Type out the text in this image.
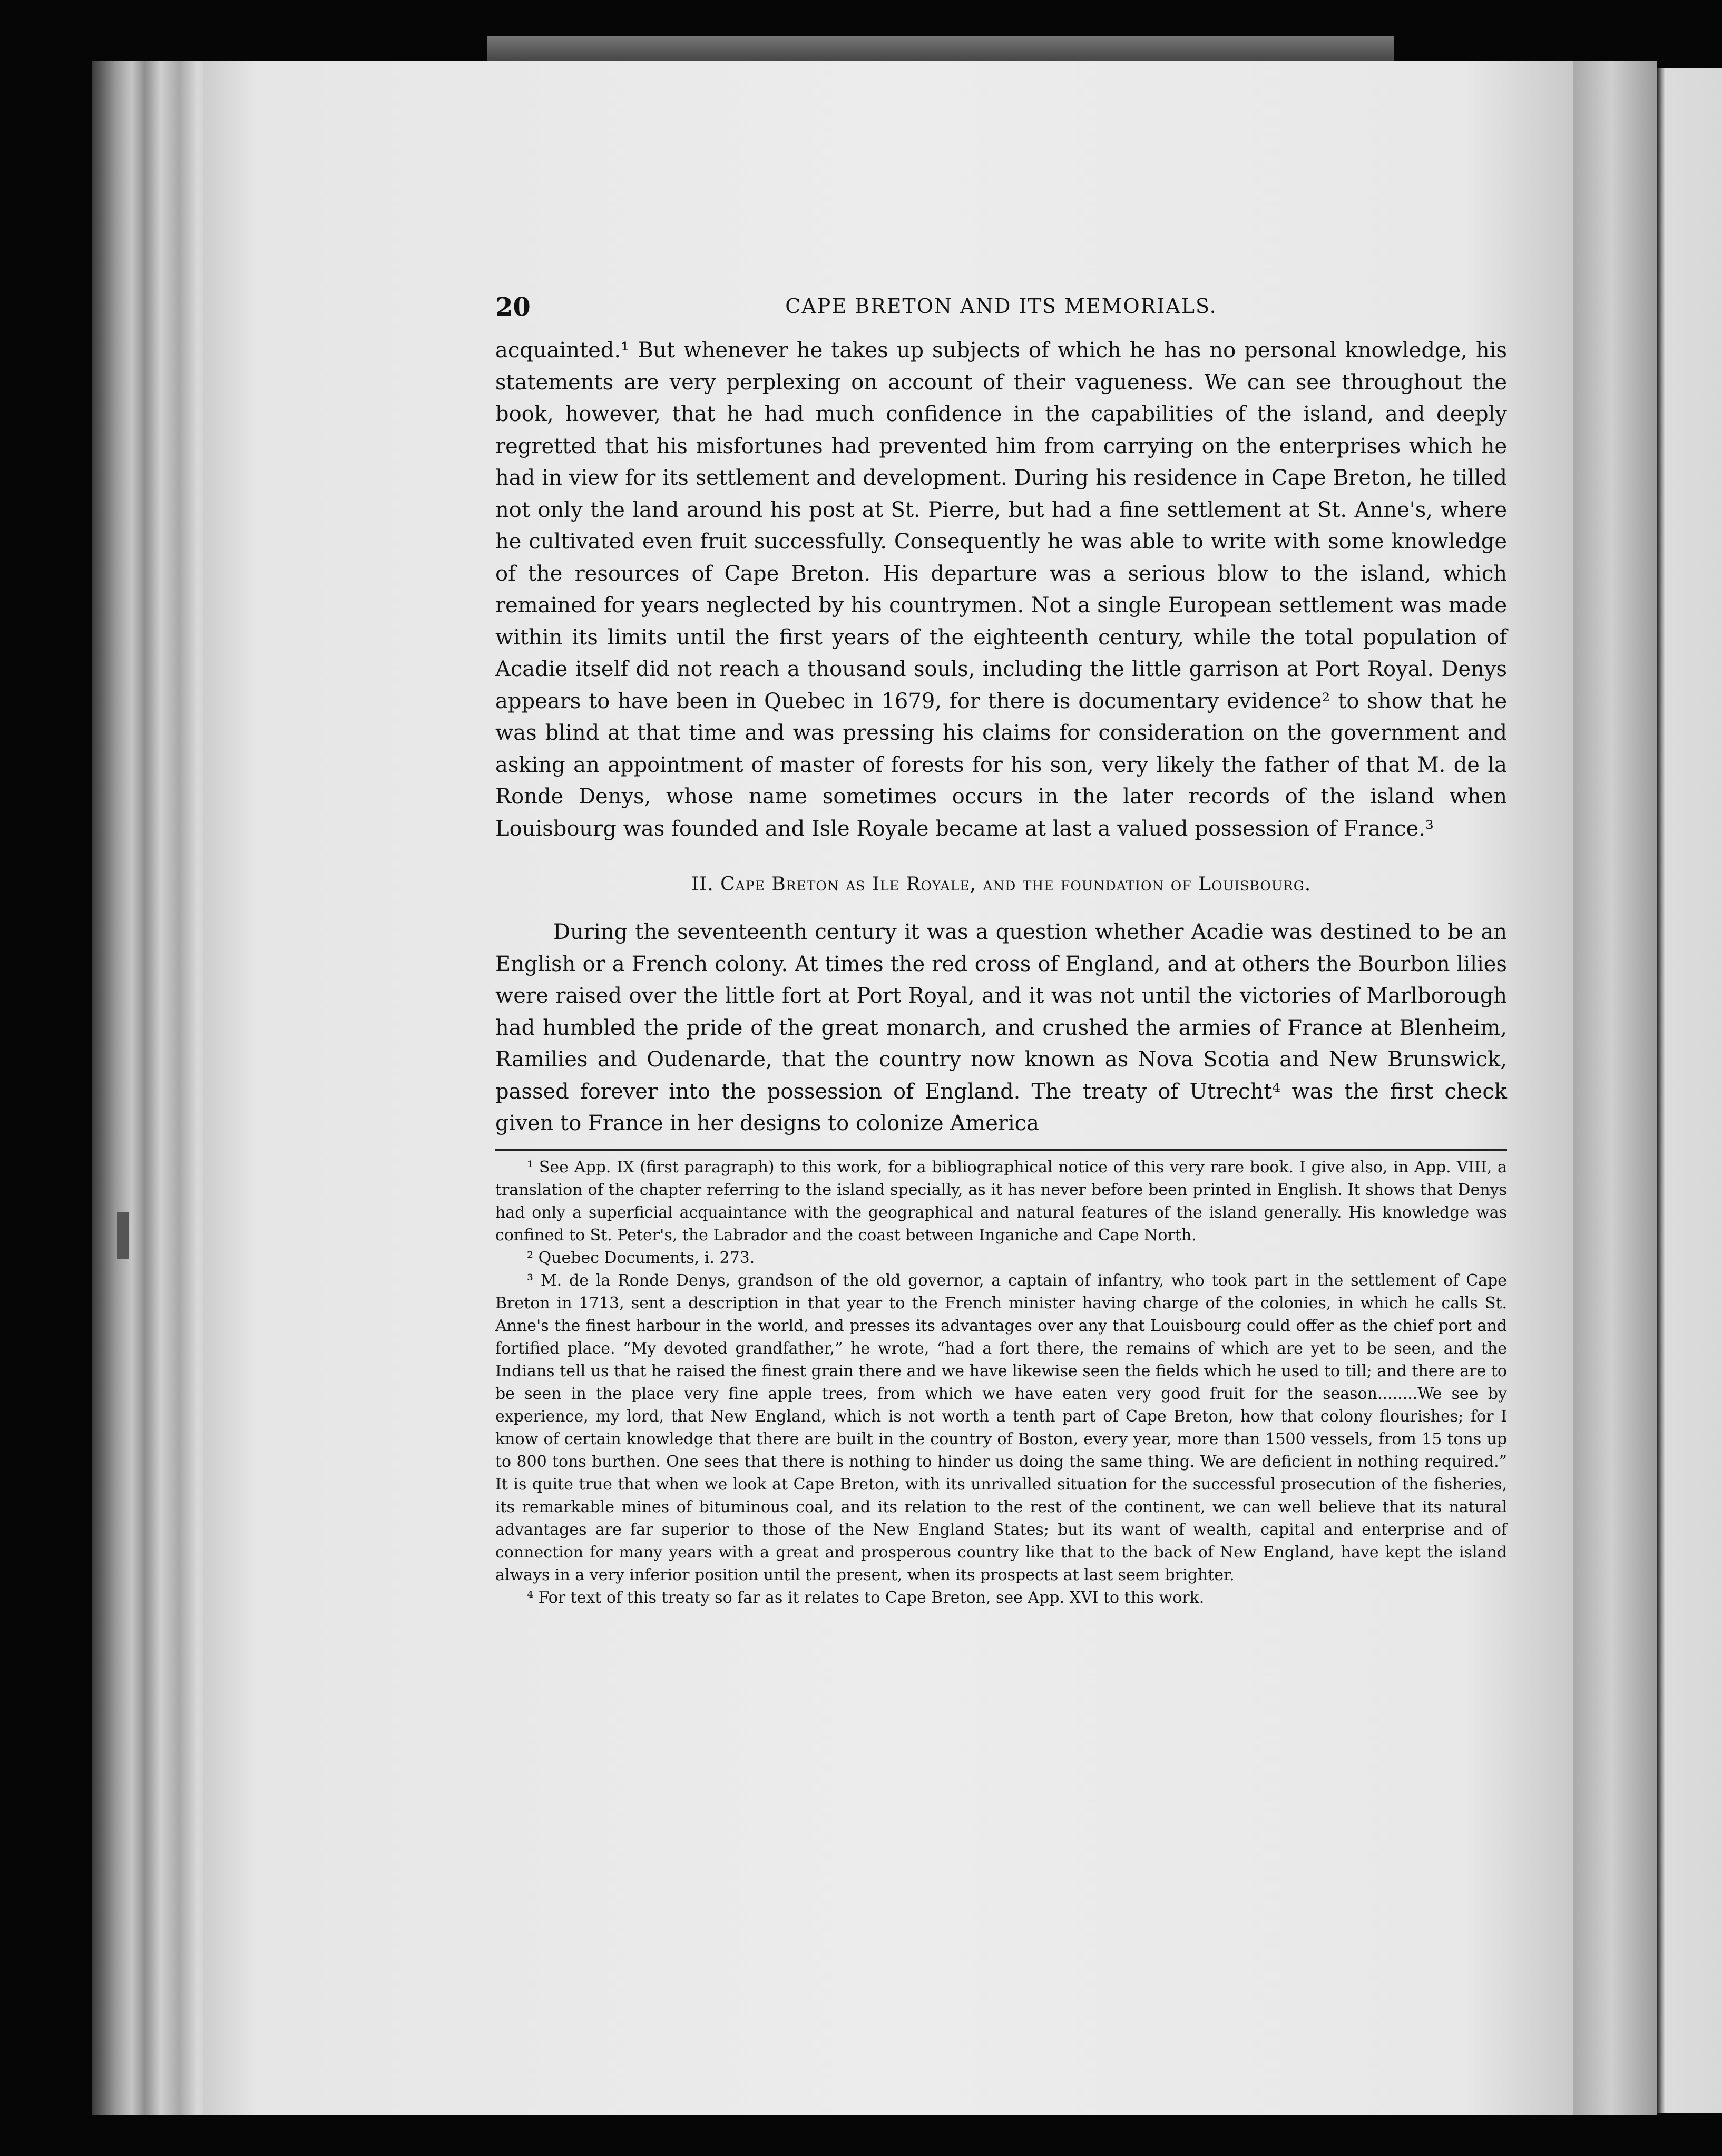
20	CAPE BRETON AND ITS MEMORIALS.

acquainted.¹ But whenever he takes up subjects of which he has no personal knowledge, his statements are very perplexing on account of their vagueness. We can see throughout the book, however, that he had much confidence in the capabilities of the island, and deeply regretted that his misfortunes had prevented him from carrying on the enterprises which he had in view for its settlement and development. During his residence in Cape Breton, he tilled not only the land around his post at St. Pierre, but had a fine settlement at St. Anne's, where he cultivated even fruit successfully. Consequently he was able to write with some knowledge of the resources of Cape Breton. His departure was a serious blow to the island, which remained for years neglected by his countrymen. Not a single European settlement was made within its limits until the first years of the eighteenth century, while the total population of Acadie itself did not reach a thousand souls, including the little garrison at Port Royal. Denys appears to have been in Quebec in 1679, for there is documentary evidence² to show that he was blind at that time and was pressing his claims for consideration on the government and asking an appointment of master of forests for his son, very likely the father of that M. de la Ronde Denys, whose name sometimes occurs in the later records of the island when Louisbourg was founded and Isle Royale became at last a valued possession of France.³

II. Cape Breton as Ile Royale, and the foundation of Louisbourg.

During the seventeenth century it was a question whether Acadie was destined to be an English or a French colony. At times the red cross of England, and at others the Bourbon lilies were raised over the little fort at Port Royal, and it was not until the victories of Marlborough had humbled the pride of the great monarch, and crushed the armies of France at Blenheim, Ramilies and Oudenarde, that the country now known as Nova Scotia and New Brunswick, passed forever into the possession of England. The treaty of Utrecht⁴ was the first check given to France in her designs to colonize America

¹ See App. IX (first paragraph) to this work, for a bibliographical notice of this very rare book. I give also, in App. VIII, a translation of the chapter referring to the island specially, as it has never before been printed in English. It shows that Denys had only a superficial acquaintance with the geographical and natural features of the island generally. His knowledge was confined to St. Peter's, the Labrador and the coast between Inganiche and Cape North.

² Quebec Documents, i. 273.

³ M. de la Ronde Denys, grandson of the old governor, a captain of infantry, who took part in the settlement of Cape Breton in 1713, sent a description in that year to the French minister having charge of the colonies, in which he calls St. Anne's the finest harbour in the world, and presses its advantages over any that Louisbourg could offer as the chief port and fortified place. “My devoted grandfather,” he wrote, “had a fort there, the remains of which are yet to be seen, and the Indians tell us that he raised the finest grain there and we have likewise seen the fields which he used to till; and there are to be seen in the place very fine apple trees, from which we have eaten very good fruit for the season........We see by experience, my lord, that New England, which is not worth a tenth part of Cape Breton, how that colony flourishes; for I know of certain knowledge that there are built in the country of Boston, every year, more than 1500 vessels, from 15 tons up to 800 tons burthen. One sees that there is nothing to hinder us doing the same thing. We are deficient in nothing required.” It is quite true that when we look at Cape Breton, with its unrivalled situation for the successful prosecution of the fisheries, its remarkable mines of bituminous coal, and its relation to the rest of the continent, we can well believe that its natural advantages are far superior to those of the New England States; but its want of wealth, capital and enterprise and of connection for many years with a great and prosperous country like that to the back of New England, have kept the island always in a very inferior position until the present, when its prospects at last seem brighter.

⁴ For text of this treaty so far as it relates to Cape Breton, see App. XVI to this work.
